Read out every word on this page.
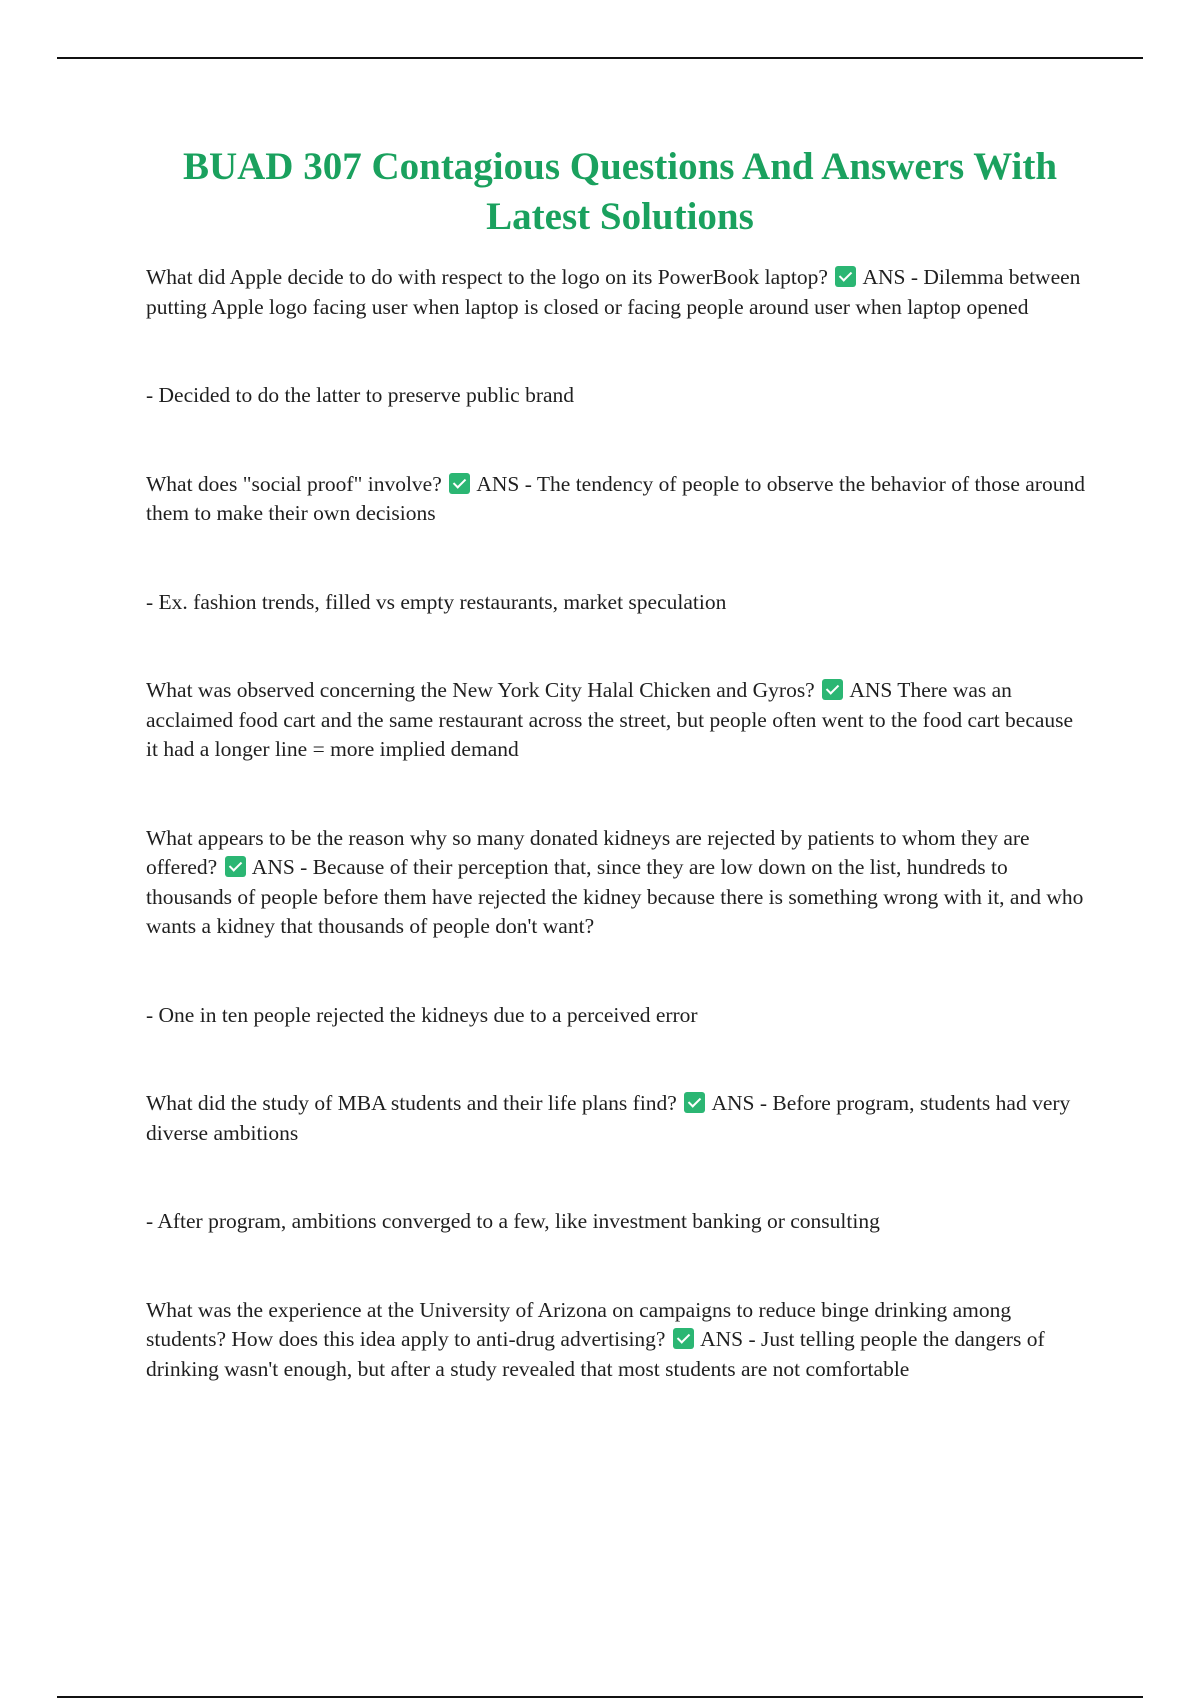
BUAD 307 Contagious Questions And Answers With Latest Solutions

What did Apple decide to do with respect to the logo on its PowerBook laptop? ANS - Dilemma between putting Apple logo facing user when laptop is closed or facing people around user when laptop opened

- Decided to do the latter to preserve public brand

What does "social proof" involve? ANS - The tendency of people to observe the behavior of those around them to make their own decisions

- Ex. fashion trends, filled vs empty restaurants, market speculation

What was observed concerning the New York City Halal Chicken and Gyros? ANS There was an acclaimed food cart and the same restaurant across the street, but people often went to the food cart because it had a longer line = more implied demand

What appears to be the reason why so many donated kidneys are rejected by patients to whom they are offered? ANS - Because of their perception that, since they are low down on the list, hundreds to thousands of people before them have rejected the kidney because there is something wrong with it, and who wants a kidney that thousands of people don't want?

- One in ten people rejected the kidneys due to a perceived error

What did the study of MBA students and their life plans find? ANS - Before program, students had very diverse ambitions

- After program, ambitions converged to a few, like investment banking or consulting

What was the experience at the University of Arizona on campaigns to reduce binge drinking among students? How does this idea apply to anti-drug advertising? ANS - Just telling people the dangers of drinking wasn't enough, but after a study revealed that most students are not comfortable
